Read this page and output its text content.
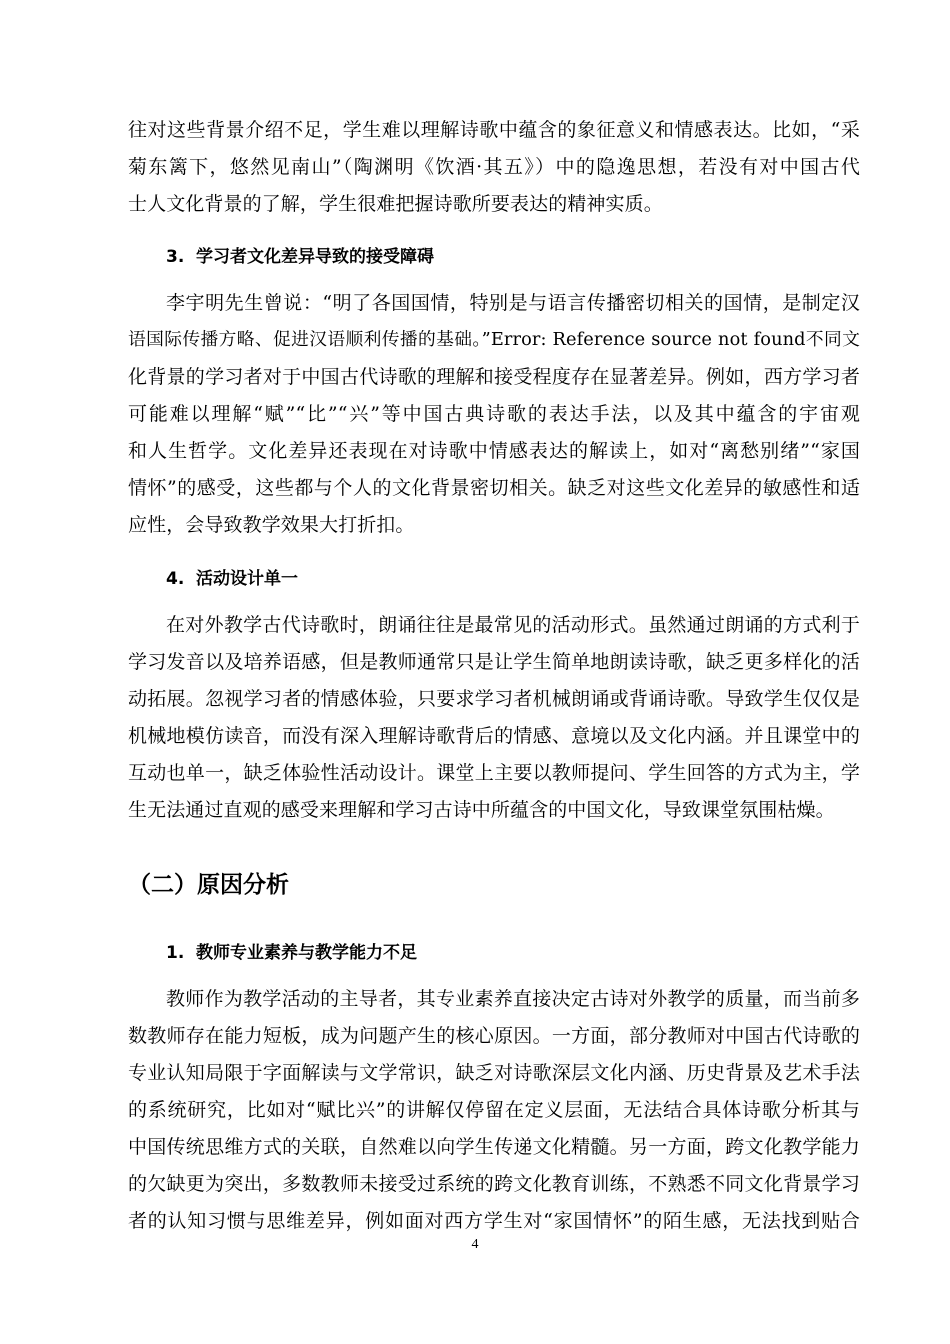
往对这些背景介绍不足，学生难以理解诗歌中蕴含的象征意义和情感表达。比如，“采
菊东篱下，悠然见南山”（陶渊明《饮酒·其五》）中的隐逸思想，若没有对中国古代
士人文化背景的了解，学生很难把握诗歌所要表达的精神实质。
3. 学习者文化差异导致的接受障碍
李宇明先生曾说：“明了各国国情，特别是与语言传播密切相关的国情，是制定汉
语国际传播方略、促进汉语顺利传播的基础。”Error: Reference source not found不同文
化背景的学习者对于中国古代诗歌的理解和接受程度存在显著差异。例如，西方学习者
可能难以理解“赋”“比”“兴”等中国古典诗歌的表达手法，以及其中蕴含的宇宙观
和人生哲学。文化差异还表现在对诗歌中情感表达的解读上，如对“离愁别绪”“家国
情怀”的感受，这些都与个人的文化背景密切相关。缺乏对这些文化差异的敏感性和适
应性，会导致教学效果大打折扣。
4. 活动设计单一
在对外教学古代诗歌时，朗诵往往是最常见的活动形式。虽然通过朗诵的方式利于
学习发音以及培养语感，但是教师通常只是让学生简单地朗读诗歌，缺乏更多样化的活
动拓展。忽视学习者的情感体验，只要求学习者机械朗诵或背诵诗歌。导致学生仅仅是
机械地模仿读音，而没有深入理解诗歌背后的情感、意境以及文化内涵。并且课堂中的
互动也单一，缺乏体验性活动设计。课堂上主要以教师提问、学生回答的方式为主，学
生无法通过直观的感受来理解和学习古诗中所蕴含的中国文化，导致课堂氛围枯燥。
（二）原因分析
1. 教师专业素养与教学能力不足
教师作为教学活动的主导者，其专业素养直接决定古诗对外教学的质量，而当前多
数教师存在能力短板，成为问题产生的核心原因。一方面，部分教师对中国古代诗歌的
专业认知局限于字面解读与文学常识，缺乏对诗歌深层文化内涵、历史背景及艺术手法
的系统研究，比如对“赋比兴”的讲解仅停留在定义层面，无法结合具体诗歌分析其与
中国传统思维方式的关联，自然难以向学生传递文化精髓。另一方面，跨文化教学能力
的欠缺更为突出，多数教师未接受过系统的跨文化教育训练，不熟悉不同文化背景学习
者的认知习惯与思维差异，例如面对西方学生对“家国情怀”的陌生感，无法找到贴合
4
